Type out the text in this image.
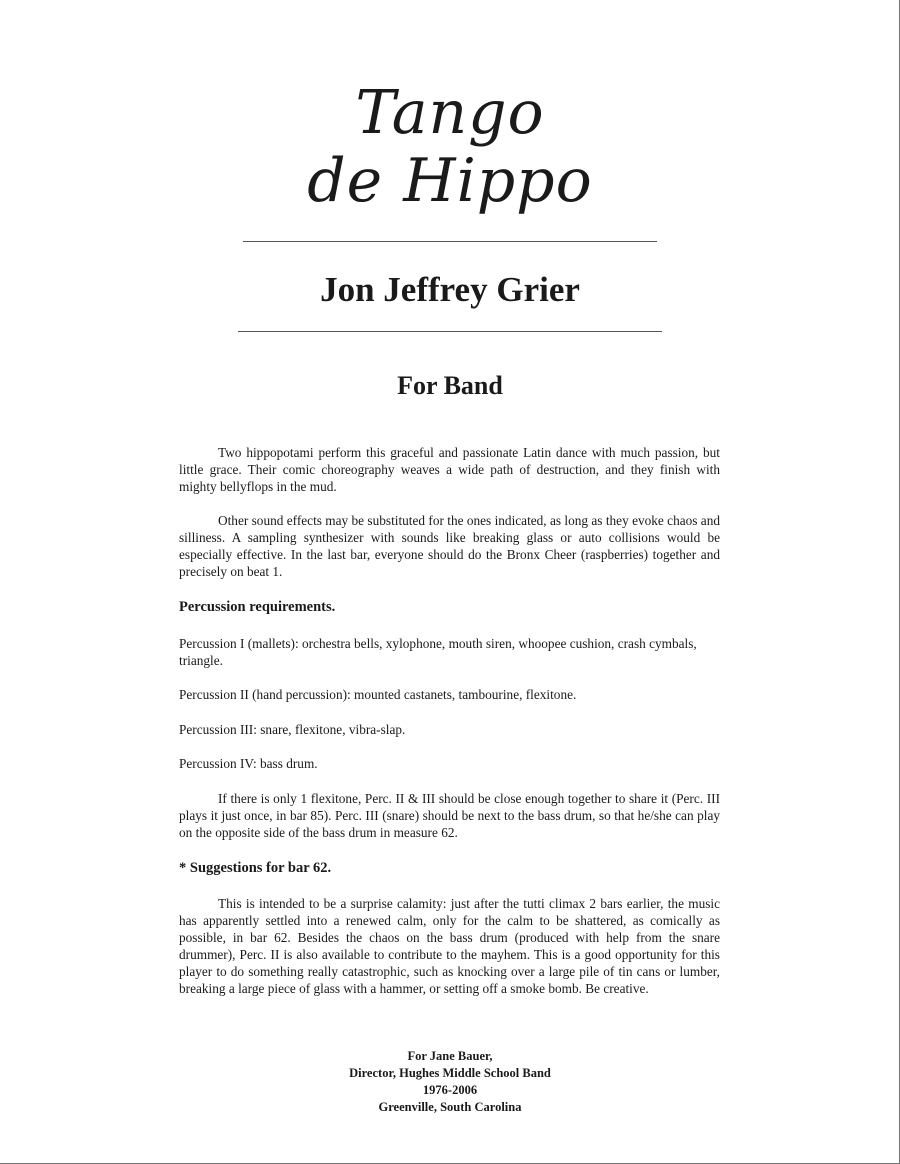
Tango
de Hippo
Jon Jeffrey Grier
For Band

Two hippopotami perform this graceful and passionate Latin dance with much passion, but little grace. Their comic choreography weaves a wide path of destruction, and they finish with mighty bellyflops in the mud.

Other sound effects may be substituted for the ones indicated, as long as they evoke chaos and silliness. A sampling synthesizer with sounds like breaking glass or auto collisions would be especially effective. In the last bar, everyone should do the Bronx Cheer (raspberries) together and precisely on beat 1.

Percussion requirements.

Percussion I (mallets): orchestra bells, xylophone, mouth siren, whoopee cushion, crash cymbals, triangle.

Percussion II (hand percussion): mounted castanets, tambourine, flexitone.

Percussion III: snare, flexitone, vibra-slap.

Percussion IV: bass drum.

If there is only 1 flexitone, Perc. II & III should be close enough together to share it (Perc. III plays it just once, in bar 85). Perc. III (snare) should be next to the bass drum, so that he/she can play on the opposite side of the bass drum in measure 62.

* Suggestions for bar 62.

This is intended to be a surprise calamity: just after the tutti climax 2 bars earlier, the music has apparently settled into a renewed calm, only for the calm to be shattered, as comically as possible, in bar 62. Besides the chaos on the bass drum (produced with help from the snare drummer), Perc. II is also available to contribute to the mayhem. This is a good opportunity for this player to do something really catastrophic, such as knocking over a large pile of tin cans or lumber, breaking a large piece of glass with a hammer, or setting off a smoke bomb. Be creative.

For Jane Bauer,
Director, Hughes Middle School Band
1976-2006
Greenville, South Carolina
